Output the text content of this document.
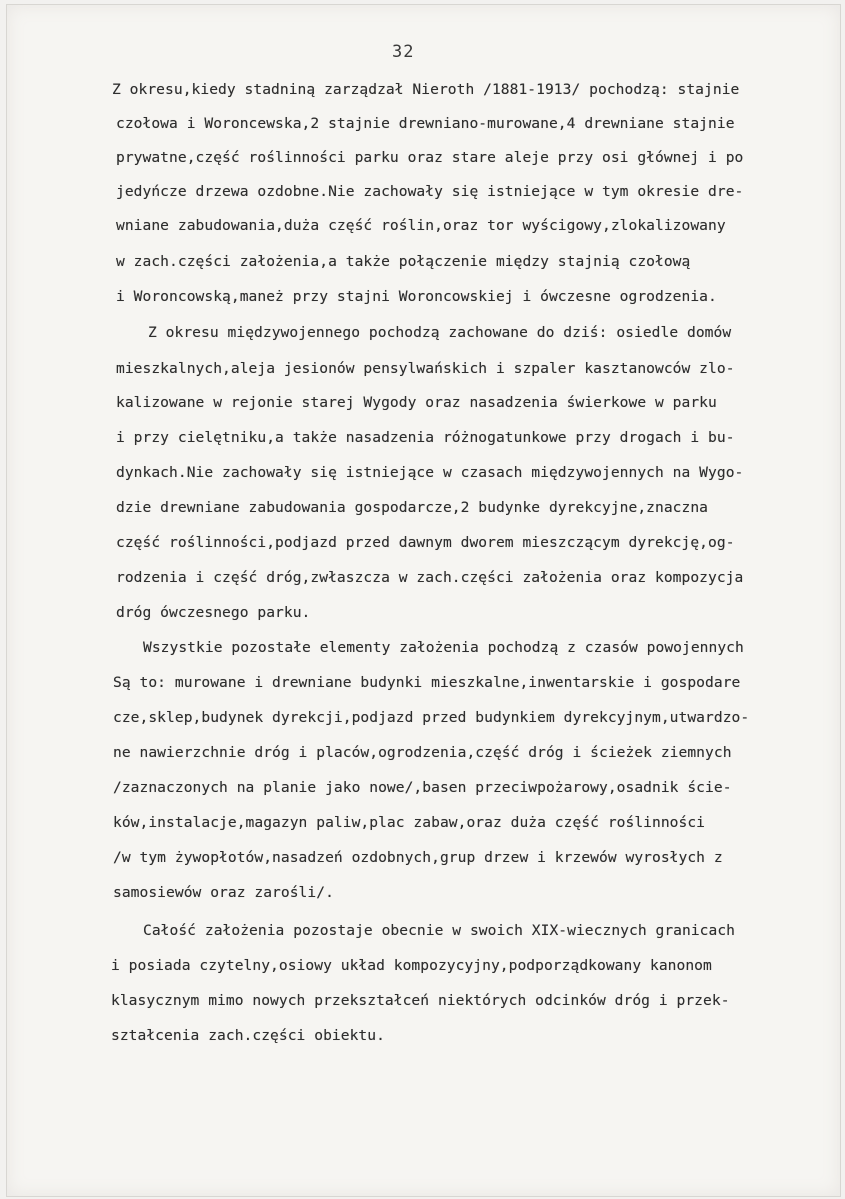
32
Z okresu,kiedy stadniną zarządzał Nieroth /1881-1913/ pochodzą: stajnie
czołowa i Woroncewska,2 stajnie drewniano-murowane,4 drewniane stajnie
prywatne,część roślinności parku oraz stare aleje przy osi głównej i po
jedyńcze drzewa ozdobne.Nie zachowały się istniejące w tym okresie dre-
wniane zabudowania,duża część roślin,oraz tor wyścigowy,zlokalizowany
w zach.części założenia,a także połączenie między stajnią czołową
i Woroncowską,maneż przy stajni Woroncowskiej i ówczesne ogrodzenia.
Z okresu międzywojennego pochodzą zachowane do dziś: osiedle domów
mieszkalnych,aleja jesionów pensylwańskich i szpaler kasztanowców zlo-
kalizowane w rejonie starej Wygody oraz nasadzenia świerkowe w parku
i przy cielętniku,a także nasadzenia różnogatunkowe przy drogach i bu-
dynkach.Nie zachowały się istniejące w czasach międzywojennych na Wygo-
dzie drewniane zabudowania gospodarcze,2 budynke dyrekcyjne,znaczna
część roślinności,podjazd przed dawnym dworem mieszczącym dyrekcję,og-
rodzenia i część dróg,zwłaszcza w zach.części założenia oraz kompozycja
dróg ówczesnego parku.
Wszystkie pozostałe elementy założenia pochodzą z czasów powojennych
Są to: murowane i drewniane budynki mieszkalne,inwentarskie i gospodare
cze,sklep,budynek dyrekcji,podjazd przed budynkiem dyrekcyjnym,utwardzo-
ne nawierzchnie dróg i placów,ogrodzenia,część dróg i ścieżek ziemnych
/zaznaczonych na planie jako nowe/,basen przeciwpożarowy,osadnik ście-
ków,instalacje,magazyn paliw,plac zabaw,oraz duża część roślinności
/w tym żywopłotów,nasadzeń ozdobnych,grup drzew i krzewów wyrosłych z
samosiewów oraz zarośli/.
Całość założenia pozostaje obecnie w swoich XIX-wiecznych granicach
i posiada czytelny,osiowy układ kompozycyjny,podporządkowany kanonom
klasycznym mimo nowych przekształceń niektórych odcinków dróg i przek-
ształcenia zach.części obiektu.
